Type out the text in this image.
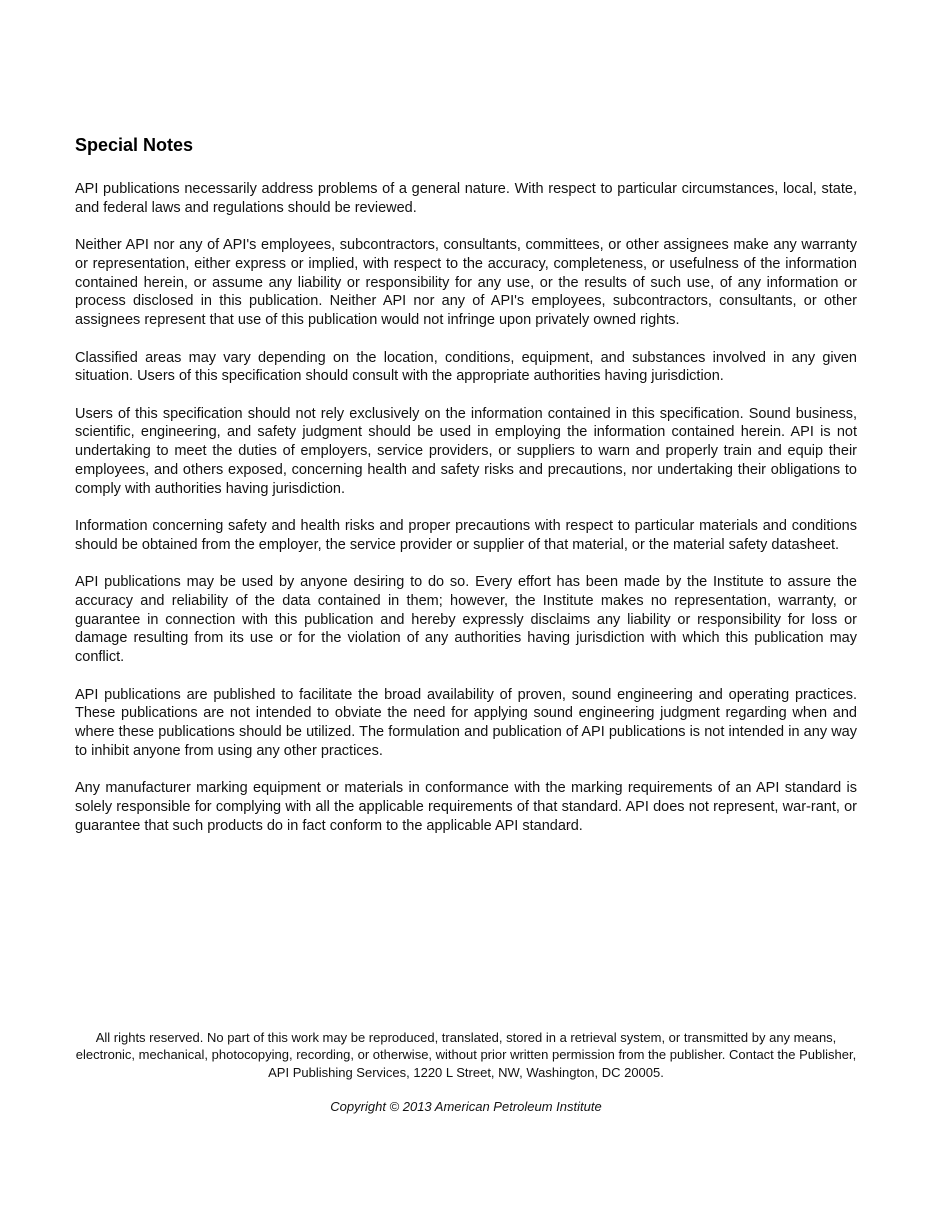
Special Notes

API publications necessarily address problems of a general nature. With respect to particular circumstances, local, state, and federal laws and regulations should be reviewed.

Neither API nor any of API's employees, subcontractors, consultants, committees, or other assignees make any warranty or representation, either express or implied, with respect to the accuracy, completeness, or usefulness of the information contained herein, or assume any liability or responsibility for any use, or the results of such use, of any information or process disclosed in this publication. Neither API nor any of API's employees, subcontractors, consultants, or other assignees represent that use of this publication would not infringe upon privately owned rights.

Classified areas may vary depending on the location, conditions, equipment, and substances involved in any given situation. Users of this specification should consult with the appropriate authorities having jurisdiction.

Users of this specification should not rely exclusively on the information contained in this specification. Sound business, scientific, engineering, and safety judgment should be used in employing the information contained herein. API is not undertaking to meet the duties of employers, service providers, or suppliers to warn and properly train and equip their employees, and others exposed, concerning health and safety risks and precautions, nor undertaking their obligations to comply with authorities having jurisdiction.

Information concerning safety and health risks and proper precautions with respect to particular materials and conditions should be obtained from the employer, the service provider or supplier of that material, or the material safety datasheet.

API publications may be used by anyone desiring to do so. Every effort has been made by the Institute to assure the accuracy and reliability of the data contained in them; however, the Institute makes no representation, warranty, or guarantee in connection with this publication and hereby expressly disclaims any liability or responsibility for loss or damage resulting from its use or for the violation of any authorities having jurisdiction with which this publication may conflict.

API publications are published to facilitate the broad availability of proven, sound engineering and operating practices. These publications are not intended to obviate the need for applying sound engineering judgment regarding when and where these publications should be utilized. The formulation and publication of API publications is not intended in any way to inhibit anyone from using any other practices.

Any manufacturer marking equipment or materials in conformance with the marking requirements of an API standard is solely responsible for complying with all the applicable requirements of that standard. API does not represent, war-rant, or guarantee that such products do in fact conform to the applicable API standard.

All rights reserved. No part of this work may be reproduced, translated, stored in a retrieval system, or transmitted by any means, electronic, mechanical, photocopying, recording, or otherwise, without prior written permission from the publisher. Contact the Publisher, API Publishing Services, 1220 L Street, NW, Washington, DC 20005.
Copyright © 2013 American Petroleum Institute
